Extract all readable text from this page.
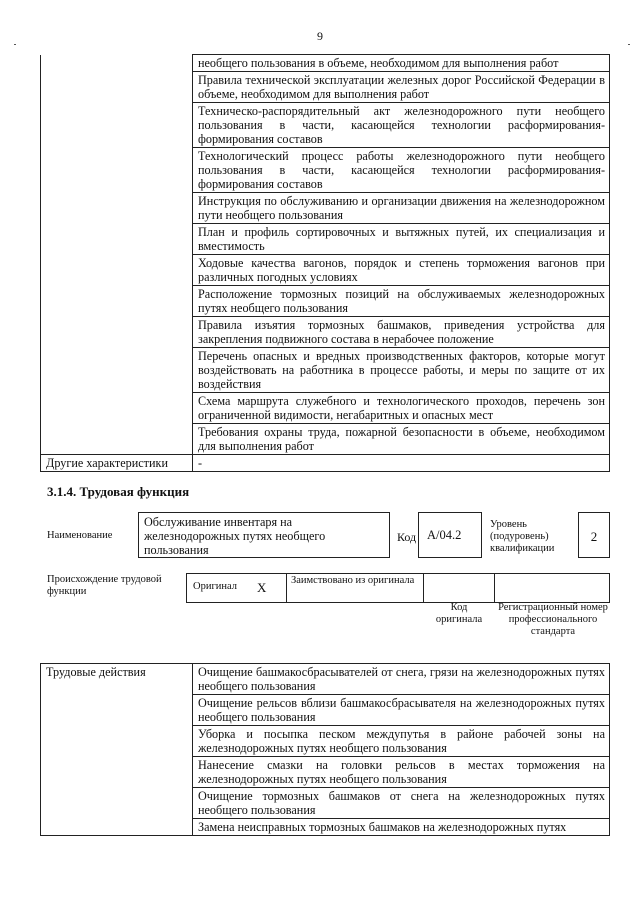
9
	необщего пользования в объеме, необходимом для выполнения работ
	Правила технической эксплуатации железных дорог Российской Федерации в объеме, необходимом для выполнения работ
	Техническо-распорядительный акт железнодорожного пути необщего пользования в части, касающейся технологии расформирования-формирования составов
	Технологический процесс работы железнодорожного пути необщего пользования в части, касающейся технологии расформирования-формирования составов
	Инструкция по обслуживанию и организации движения на железнодорожном пути необщего пользования
	План и профиль сортировочных и вытяжных путей, их специализация и вместимость
	Ходовые качества вагонов, порядок и степень торможения вагонов при различных погодных условиях
	Расположение тормозных позиций на обслуживаемых железнодорожных путях необщего пользования
	Правила изъятия тормозных башмаков, приведения устройства для закрепления подвижного состава в нерабочее положение
	Перечень опасных и вредных производственных факторов, которые могут воздействовать на работника в процессе работы, и меры по защите от их воздействия
	Схема маршрута служебного и технологического проходов, перечень зон ограниченной видимости, негабаритных и опасных мест
	Требования охраны труда, пожарной безопасности в объеме, необходимом для выполнения работ
Другие характеристики	-
3.1.4. Трудовая функция
Наименование
Обслуживание инвентаря на железнодорожных путях необщего пользования
Код А/04.2
Уровень (подуровень) квалификации
2
Происхождение трудовой функции	Оригинал X Заимствовано из оригинала
Код оригинала
Регистрационный номер профессионального стандарта
Трудовые действия	Очищение башмакосбрасывателей от снега, грязи на железнодорожных путях необщего пользования
Очищение рельсов вблизи башмакосбрасывателя на железнодорожных путях необщего пользования
Уборка и посыпка песком междупутья в районе рабочей зоны на железнодорожных путях необщего пользования
Нанесение смазки на головки рельсов в местах торможения на железнодорожных путях необщего пользования
Очищение тормозных башмаков от снега на железнодорожных путях необщего пользования
Замена неисправных тормозных башмаков на железнодорожных путях
